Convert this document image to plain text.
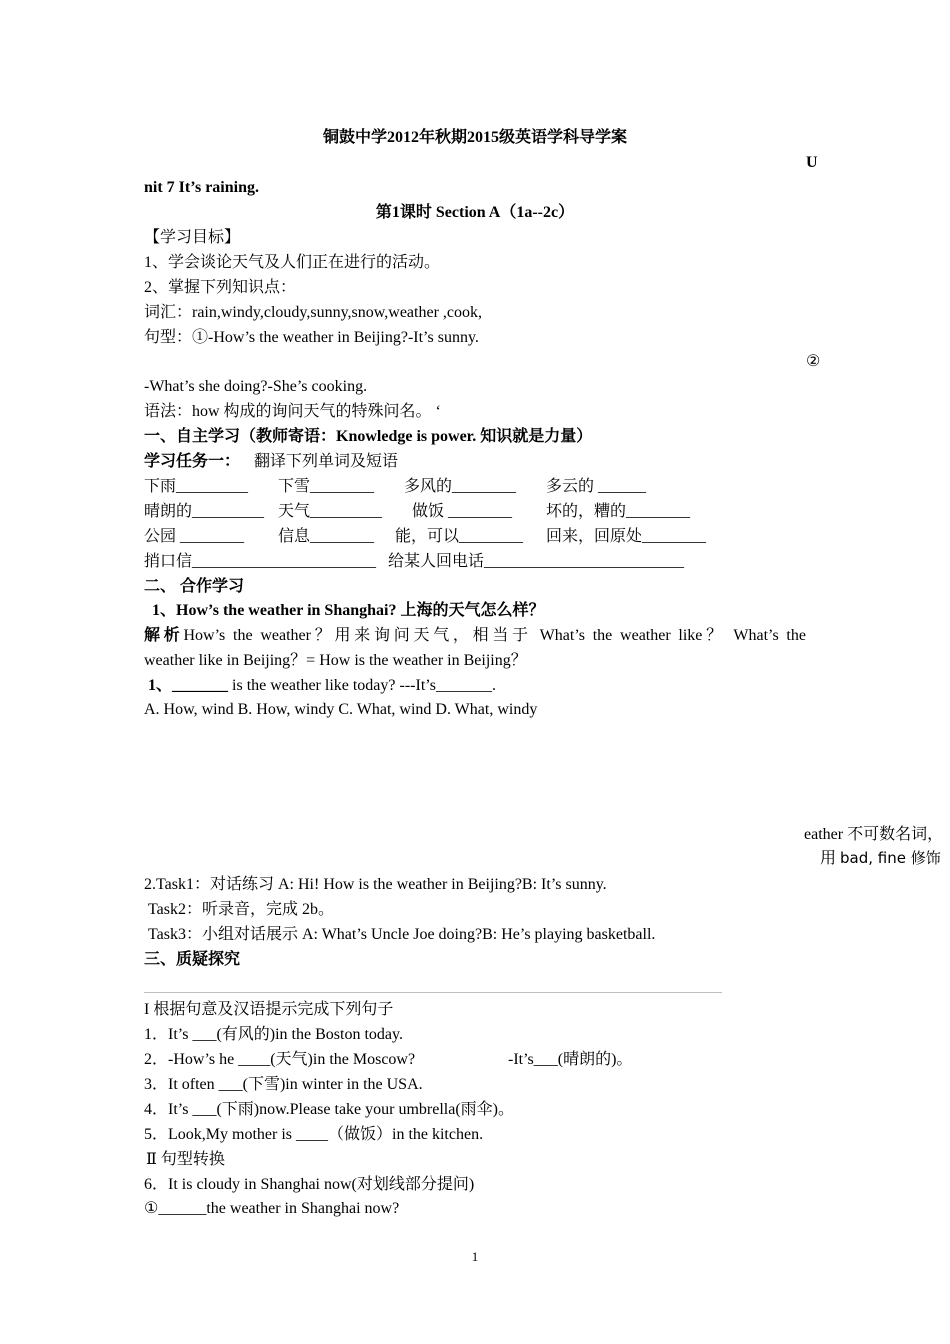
铜鼓中学2012年秋期2015级英语学科导学案
U
nit 7 It’s raining.
第1课时 Section A（1a--2c）
【学习目标】
1、学会谈论天气及人们正在进行的活动。
2、掌握下列知识点：
词汇：rain,windy,cloudy,sunny,snow,weather ,cook,
句型：①-How’s the weather in Beijing?-It’s sunny.
②
-What’s she doing?-She’s cooking.
语法：how 构成的询问天气的特殊问名。 ‘
一、自主学习（教师寄语：Knowledge is power. 知识就是力量）
学习任务一： 翻译下列单词及短语
下雨_________ 下雪________ 多风的________ 多云的 ______
晴朗的_________ 天气_________ 做饭 ________ 坏的，糟的________
公园 ________ 信息________ 能，可以________ 回来，回原处________
捎口信_______________________ 给某人回电话_________________________
二、 合作学习
1、How’s the weather in Shanghai? 上海的天气怎么样？
解析How’s the weather？用来询问天气，相当于 What’s the weather like？ What’s the
weather like in Beijing？= How is the weather in Beijing？
1、_______ is the weather like today? ---It’s_______.
A. How, wind B. How, windy C. What, wind D. What, windy
eather 不可数名词，
用 bad, fine 修饰
2.Task1：对话练习 A: Hi! How is the weather in Beijing?B: It’s sunny.
Task2：听录音，完成 2b。
Task3：小组对话展示 A: What’s Uncle Joe doing?B: He’s playing basketball.
三、质疑探究
I 根据句意及汉语提示完成下列句子
1．It’s ___(有风的)in the Boston today.
2．-How’s he ____(天气)in the Moscow?	-It’s___(晴朗的)。
3．It often ___(下雪)in winter in the USA.
4．It’s ___(下雨)now.Please take your umbrella(雨伞)。
5．Look,My mother is ____（做饭）in the kitchen.
Ⅱ 句型转换
6．It is cloudy in Shanghai now(对划线部分提问)
①______the weather in Shanghai now?
1
